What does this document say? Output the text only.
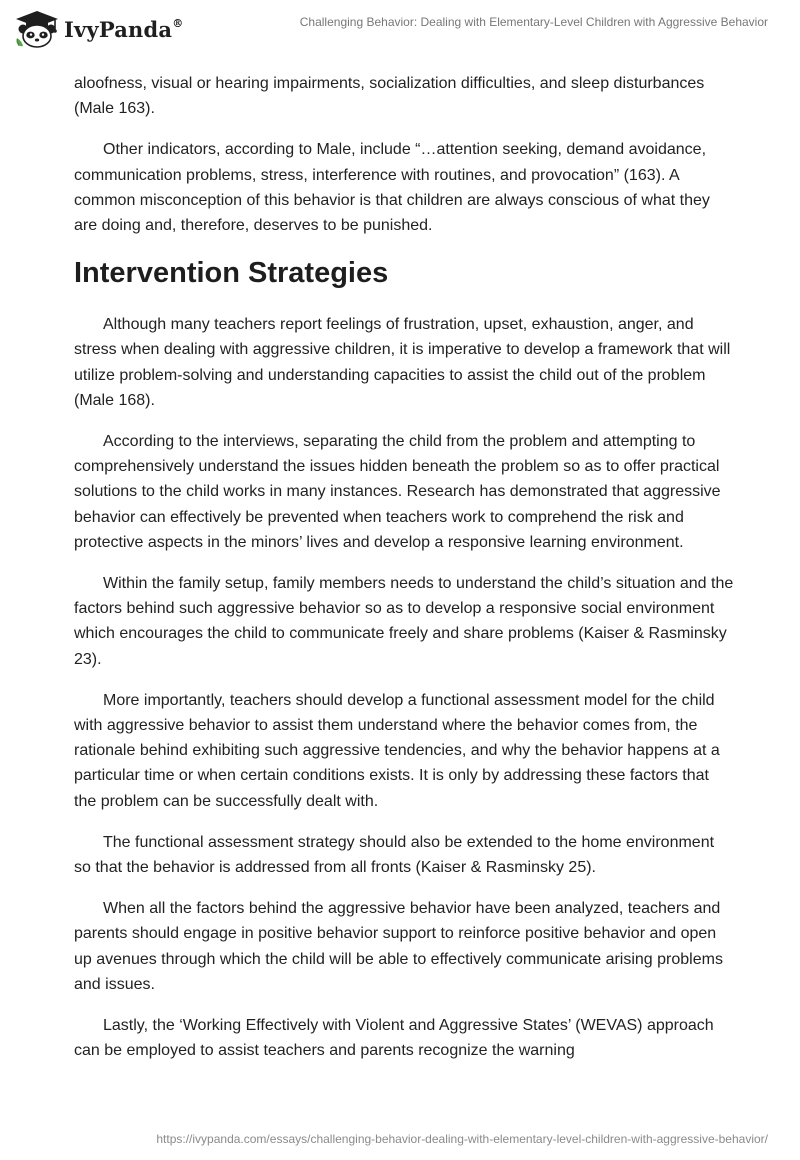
IvyPanda®	Challenging Behavior: Dealing with Elementary-Level Children with Aggressive Behavior

aloofness, visual or hearing impairments, socialization difficulties, and sleep disturbances (Male 163).

Other indicators, according to Male, include “…attention seeking, demand avoidance, communication problems, stress, interference with routines, and provocation” (163). A common misconception of this behavior is that children are always conscious of what they are doing and, therefore, deserves to be punished.

Intervention Strategies

Although many teachers report feelings of frustration, upset, exhaustion, anger, and stress when dealing with aggressive children, it is imperative to develop a framework that will utilize problem-solving and understanding capacities to assist the child out of the problem (Male 168).

According to the interviews, separating the child from the problem and attempting to comprehensively understand the issues hidden beneath the problem so as to offer practical solutions to the child works in many instances. Research has demonstrated that aggressive behavior can effectively be prevented when teachers work to comprehend the risk and protective aspects in the minors’ lives and develop a responsive learning environment.

Within the family setup, family members needs to understand the child’s situation and the factors behind such aggressive behavior so as to develop a responsive social environment which encourages the child to communicate freely and share problems (Kaiser & Rasminsky 23).

More importantly, teachers should develop a functional assessment model for the child with aggressive behavior to assist them understand where the behavior comes from, the rationale behind exhibiting such aggressive tendencies, and why the behavior happens at a particular time or when certain conditions exists. It is only by addressing these factors that the problem can be successfully dealt with.

The functional assessment strategy should also be extended to the home environment so that the behavior is addressed from all fronts (Kaiser & Rasminsky 25).

When all the factors behind the aggressive behavior have been analyzed, teachers and parents should engage in positive behavior support to reinforce positive behavior and open up avenues through which the child will be able to effectively communicate arising problems and issues.

Lastly, the ‘Working Effectively with Violent and Aggressive States’ (WEVAS) approach can be employed to assist teachers and parents recognize the warning

https://ivypanda.com/essays/challenging-behavior-dealing-with-elementary-level-children-with-aggressive-behavior/
